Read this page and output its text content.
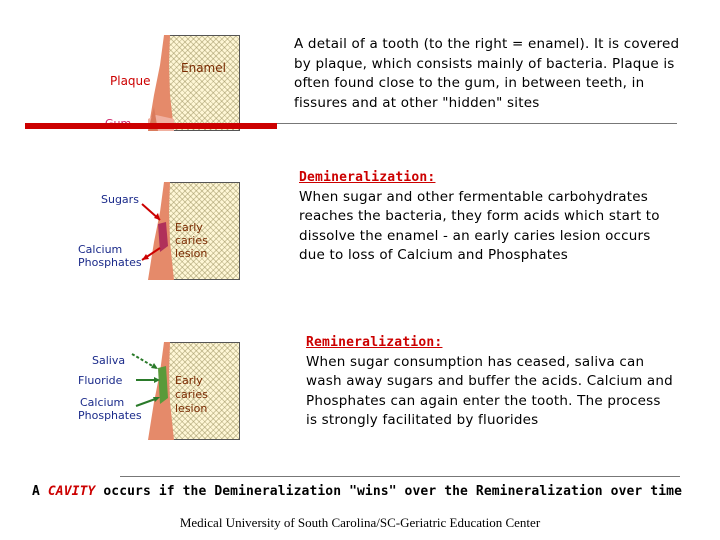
Enamel
Plaque
A detail of a tooth (to the right = enamel). It is covered by plaque, which consists mainly of bacteria. Plaque is often found close to the gum, in between teeth, in fissures and at other "hidden" sites
Sugars
Calcium
Phosphates
Early
caries
lesion
Demineralization:
When sugar and other fermentable carbohydrates reaches the bacteria, they form acids which start to dissolve the enamel - an early caries lesion occurs due to loss of Calcium and Phosphates
Saliva
Fluoride
Calcium
Phosphates
Early
caries
lesion
Remineralization:
When sugar consumption has ceased, saliva can wash away sugars and buffer the acids. Calcium and Phosphates can again enter the tooth. The process is strongly facilitated by fluorides
A CAVITY occurs if the Demineralization "wins" over the Remineralization over time
Medical University of South Carolina/SC-Geriatric Education Center
